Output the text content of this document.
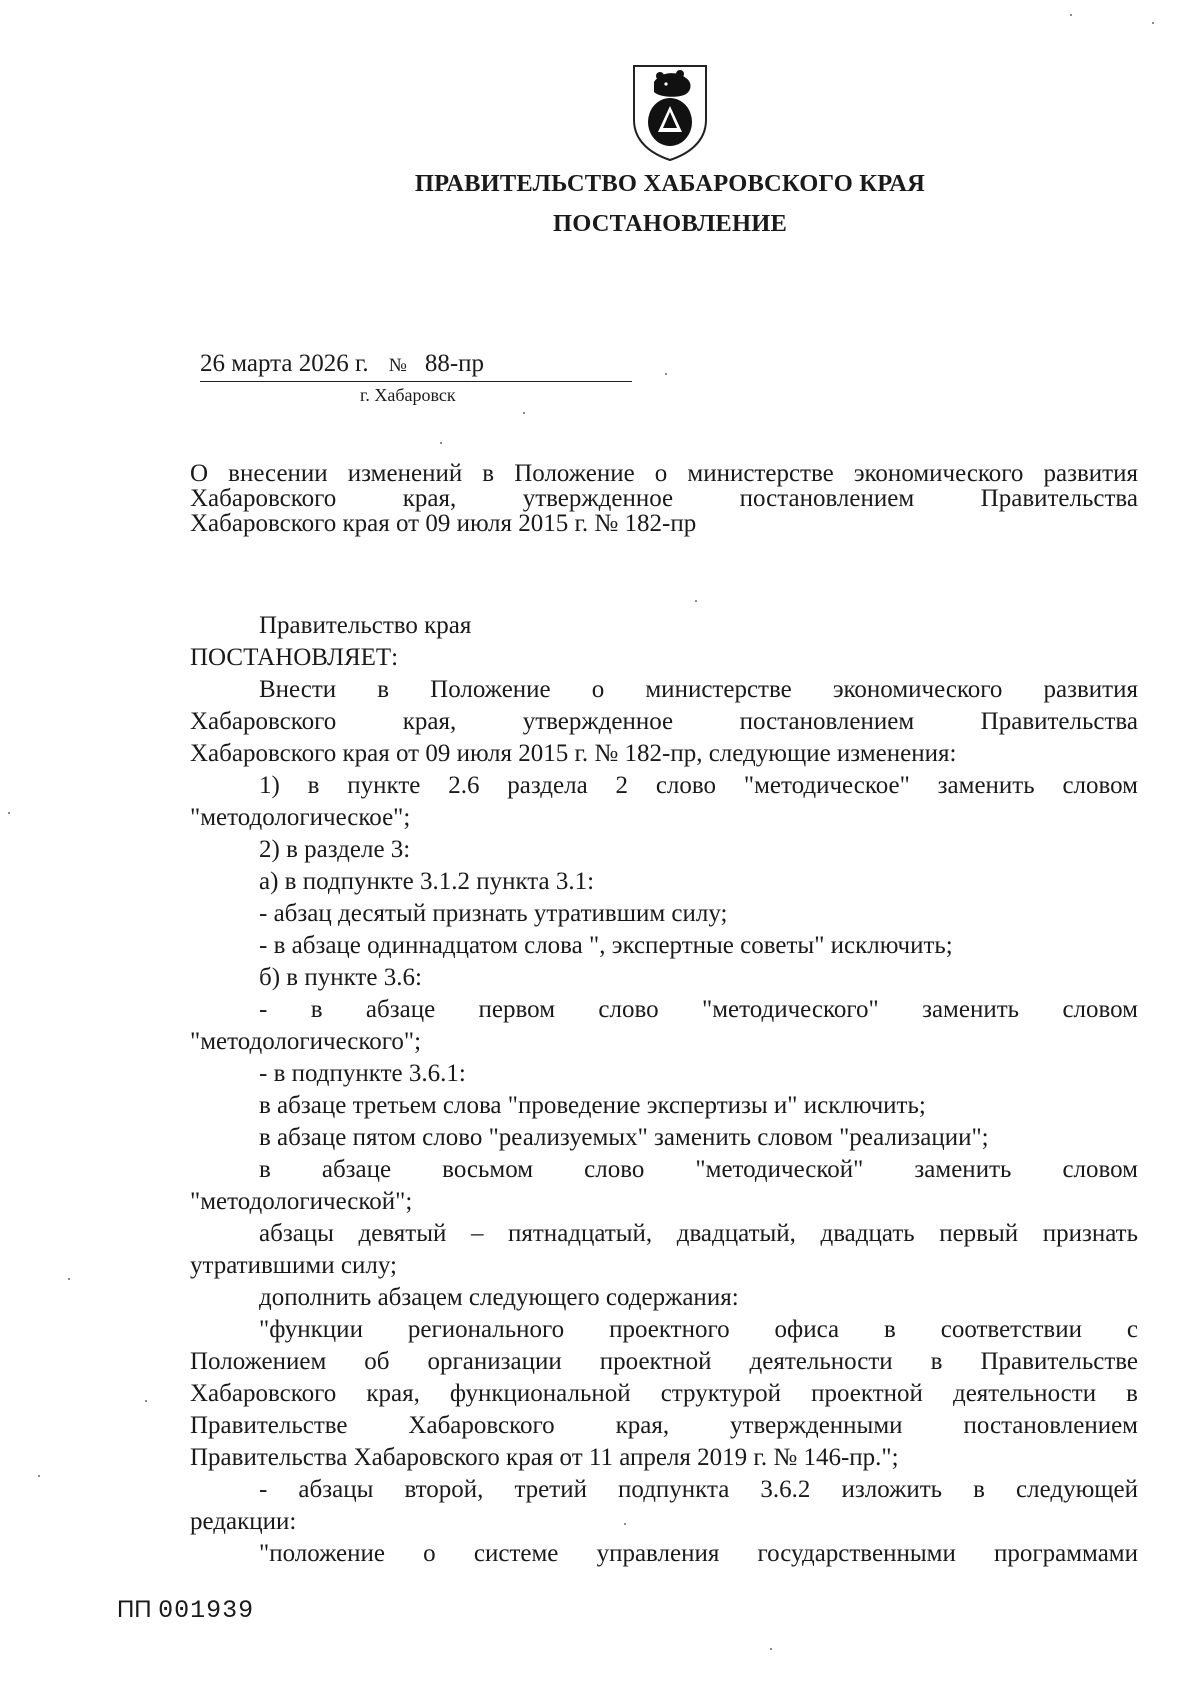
ПРАВИТЕЛЬСТВО ХАБАРОВСКОГО КРАЯ
ПОСТАНОВЛЕНИЕ
26 марта 2026 г. № 88-пр
г. Хабаровск
О внесении изменений в Положение о министерстве экономического развития
Хабаровского края, утвержденное постановлением Правительства
Хабаровского края от 09 июля 2015 г. № 182-пр
Правительство края
ПОСТАНОВЛЯЕТ:
Внести в Положение о министерстве экономического развития
Хабаровского края, утвержденное постановлением Правительства
Хабаровского края от 09 июля 2015 г. № 182-пр, следующие изменения:
1) в пункте 2.6 раздела 2 слово "методическое" заменить словом
"методологическое";
2) в разделе 3:
а) в подпункте 3.1.2 пункта 3.1:
- абзац десятый признать утратившим силу;
- в абзаце одиннадцатом слова ", экспертные советы" исключить;
б) в пункте 3.6:
- в абзаце первом слово "методического" заменить словом
"методологического";
- в подпункте 3.6.1:
в абзаце третьем слова "проведение экспертизы и" исключить;
в абзаце пятом слово "реализуемых" заменить словом "реализации";
в абзаце восьмом слово "методической" заменить словом
"методологической";
абзацы девятый – пятнадцатый, двадцатый, двадцать первый признать
утратившими силу;
дополнить абзацем следующего содержания:
"функции регионального проектного офиса в соответствии с
Положением об организации проектной деятельности в Правительстве
Хабаровского края, функциональной структурой проектной деятельности в
Правительстве Хабаровского края, утвержденными постановлением
Правительства Хабаровского края от 11 апреля 2019 г. № 146-пр.";
- абзацы второй, третий подпункта 3.6.2 изложить в следующей
редакции:
"положение о системе управления государственными программами
ПП 001939
